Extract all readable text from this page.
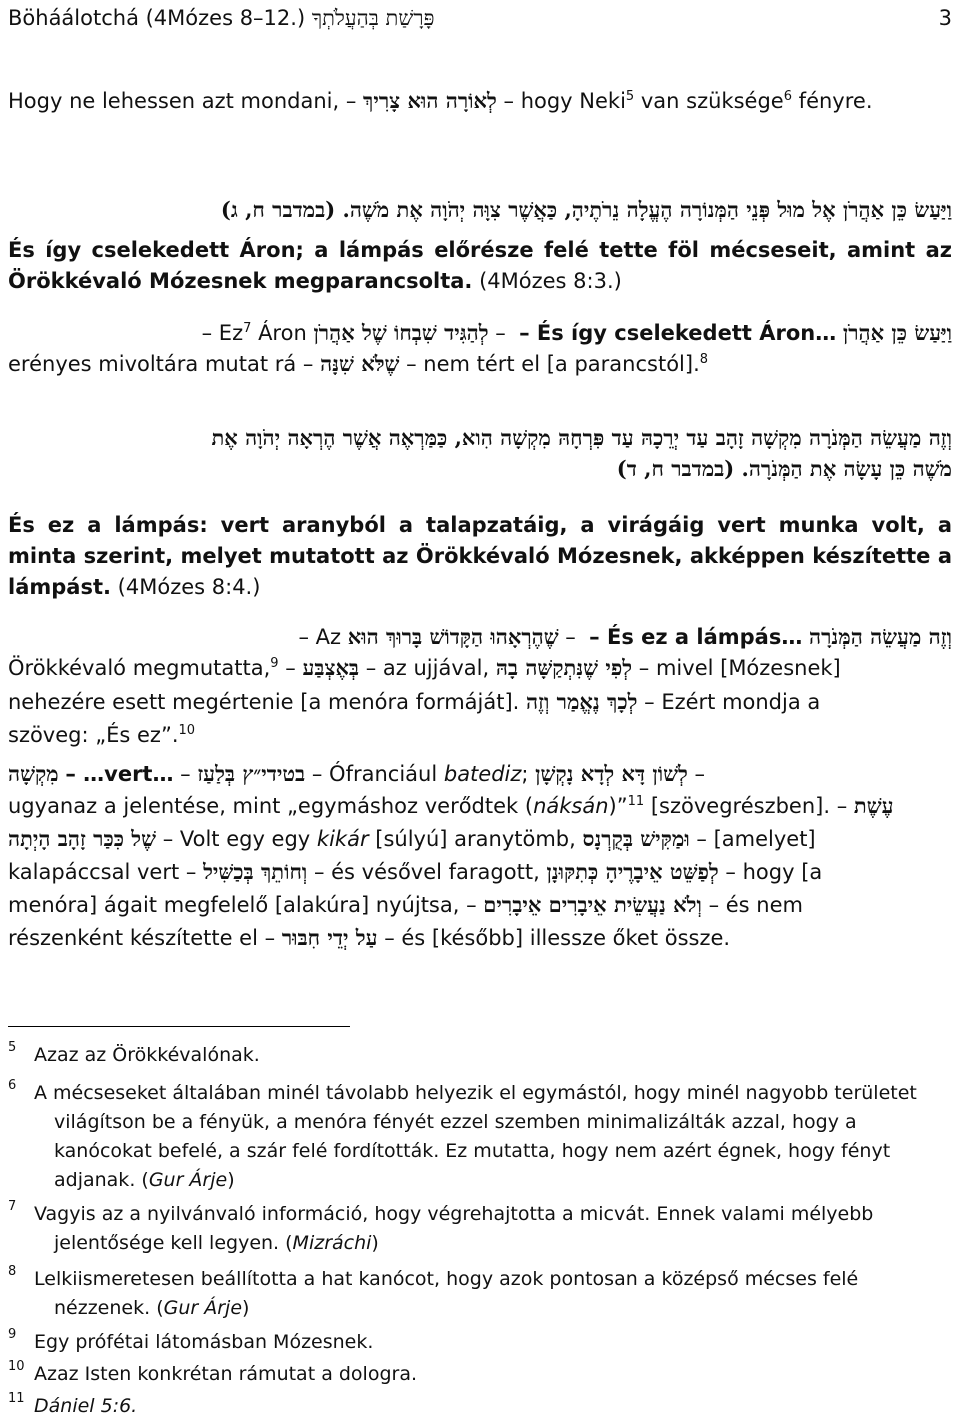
Böháálotchá (4Mózes 8–12.) פָּרָשַׁת בְּהַעֲלֹתְךָ	3
Hogy ne lehessen azt mondani, – לְאוֹרָה הוּא צָרִיךְ – hogy Neki$^5$ van szüksége$^6$ fényre.
וַיַּעַשׂ כֵּן אַהֲרֹן אֶל מוּל פְּנֵי הַמְּנוֹרָה הֶעֱלָה נֵרֹתֶיהָ, כַּאֲשֶׁר צִוָּה יְהֹוָה אֶת מֹשֶׁה. (במדבר ח, ג)
És így cselekedett Áron; a lámpás előrésze felé tette föl mécseseit, amint az Örökkévaló Mózesnek megparancsolta. (4Mózes 8:3.)
וַיַּעַשׂ כֵּן אַהֲרֹן – És így cselekedett Áron…  – לְהַגִּיד שִׁבְחוֹ שֶׁל אַהֲרֹן – Ez$^7$ Áron
erényes mivoltára mutat rá – שֶׁלֹּא שִׁנָּה – nem tért el [a parancstól].$^8$
וְזֶה מַעֲשֵׂה הַמְּנֹרָה מִקְשָׁה זָהָב עַד יְרֵכָהּ עַד פִּרְחָהּ מִקְשָׁה הִוא, כַּמַּרְאֶה אֲשֶׁר הֶרְאָה יְהֹוָה אֶת
מֹשֶׁה כֵּן עָשָׂה אֶת הַמְּנֹרָה. (במדבר ח, ד)
És ez a lámpás: vert aranyból a talapzatáig, a virágáig vert munka volt, a minta szerint, melyet mutatott az Örökkévaló Mózesnek, akképpen készítette a lámpást. (4Mózes 8:4.)
וְזֶה מַעֲשֵׂה הַמְּנֹרָה – És ez a lámpás…  – שֶׁהֶרְאָהוּ הַקָּדוֹשׁ בָּרוּךְ הוּא – Az
Örökkévaló megmutatta,$^9$ – בְּאֶצְבַּע – az ujjával, לְפִי שֶׁנִּתְקַשָּׁה בָהּ – mivel [Mózesnek]
nehezére esett megértenie [a menóra formáját]. לְכָךְ נֶאֱמַר וְזֶה – Ezért mondja a
szöveg: „És ez”.$^{10}$
מִקְשָׁה – …vert… – בטידי״ץ בְּלַעַז – Ófranciául batediz; לְשׁוֹן דָּא לְדָא נָקְשָׁן –
ugyanaz a jelentése, mint „egymáshoz verődtek (náksán)”$^{11}$ [szövegrészben]. – עֶשֶׁת
שֶׁל כִּכַּר זָהָב הָיְתָה – Volt egy egy kikár [súlyú] aranytömb, וּמַקִּישׁ בְּקֻרְנָס – [amelyet]
kalapáccsal vert – וְחוֹתֵךְ בְּכַשִּׁיל – és vésővel faragott, לְפַשֵּׁט אֵיבָרֶיהָ כְּתִקּוּנָן – hogy [a
menóra] ágait megfelelő [alakúra] nyújtsa, – וְלֹא נַעֲשֵׂית אֵיבָרִים אֵיבָרִים – és nem
részenként készítette el – עַל יְדֵי חִבּוּר – és [később] illessze őket össze.
5 Azaz az Örökkévalónak.
6 A mécseseket általában minél távolabb helyezik el egymástól, hogy minél nagyobb területet világítson be a fényük, a menóra fényét ezzel szemben minimalizálták azzal, hogy a kanócokat befelé, a szár felé fordították. Ez mutatta, hogy nem azért égnek, hogy fényt adjanak. (Gur Árje)
7 Vagyis az a nyilvánvaló információ, hogy végrehajtotta a micvát. Ennek valami mélyebb jelentősége kell legyen. (Mizráchi)
8 Lelkiismeretesen beállította a hat kanócot, hogy azok pontosan a középső mécses felé nézzenek. (Gur Árje)
9 Egy prófétai látomásban Mózesnek.
10 Azaz Isten konkrétan rámutat a dologra.
11 Dániel 5:6.
